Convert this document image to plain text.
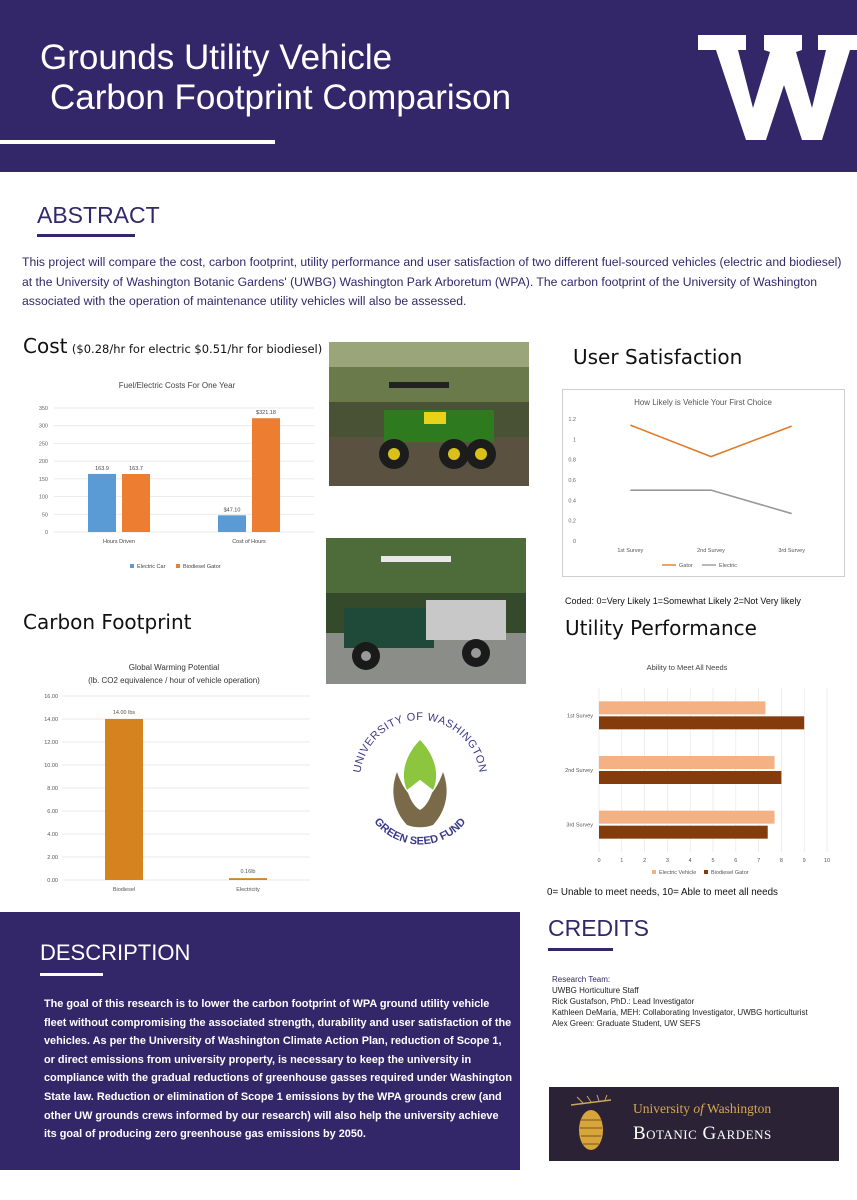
Grounds Utility Vehicle
Carbon Footprint Comparison
ABSTRACT
This project will compare the cost, carbon footprint, utility performance and user satisfaction of two different fuel-sourced vehicles (electric and biodiesel) at the University of Washington Botanic Gardens' (UWBG) Washington Park Arboretum (WPA). The carbon footprint of the University of Washington associated with the operation of maintenance utility vehicles will also be assessed.
Cost ($0.28/hr for electric $0.51/hr for biodiesel)
Fuel/Electric Costs For One Year
0
50
100
150
200
250
300
350
163.9	163.7
Hours Driven
$47.10
$321.18
Cost of Hours
Electric Car	Biodiesel Gator
Carbon Footprint
Global Warming Potential
(lb. CO2 equivalence / hour of vehicle operation)
0.00
2.00
4.00
6.00
8.00
10.00
12.00
14.00
16.00
14.00 lbs
Biodiesel
0.16lb
Electricity
UNIVERSITY OF WASHINGTON
GREEN SEED FUND
User Satisfaction
How Likely is Vehicle Your First Choice
0
0.2
0.4
0.6
0.8
1
1.2
1st Survey	2nd Survey	3rd Survey
Gator	Electric
Coded: 0=Very Likely 1=Somewhat Likely 2=Not Very likely
Utility Performance
Ability to Meet All Needs
0	1	2	3	4	5	6	7	8	9	10
1st Survey
2nd Survey
3rd Survey
Electric Vehicle	Biodiesel Gator
0= Unable to meet needs, 10= Able to meet all needs
DESCRIPTION
The goal of this research is to lower the carbon footprint of WPA ground utility vehicle fleet without compromising the associated strength, durability and user satisfaction of the vehicles. As per the University of Washington Climate Action Plan, reduction of Scope 1, or direct emissions from university property, is necessary to keep the university in compliance with the gradual reductions of greenhouse gasses required under Washington State law. Reduction or elimination of Scope 1 emissions by the WPA grounds crew (and other UW grounds crews informed by our research) will also help the university achieve its goal of producing zero greenhouse gas emissions by 2050.
CREDITS
Research Team:
UWBG Horticulture Staff
Rick Gustafson, PhD.: Lead Investigator
Kathleen DeMaria, MEH: Collaborating Investigator, UWBG horticulturist
Alex Green: Graduate Student, UW SEFS
University of Washington
Botanic Gardens
